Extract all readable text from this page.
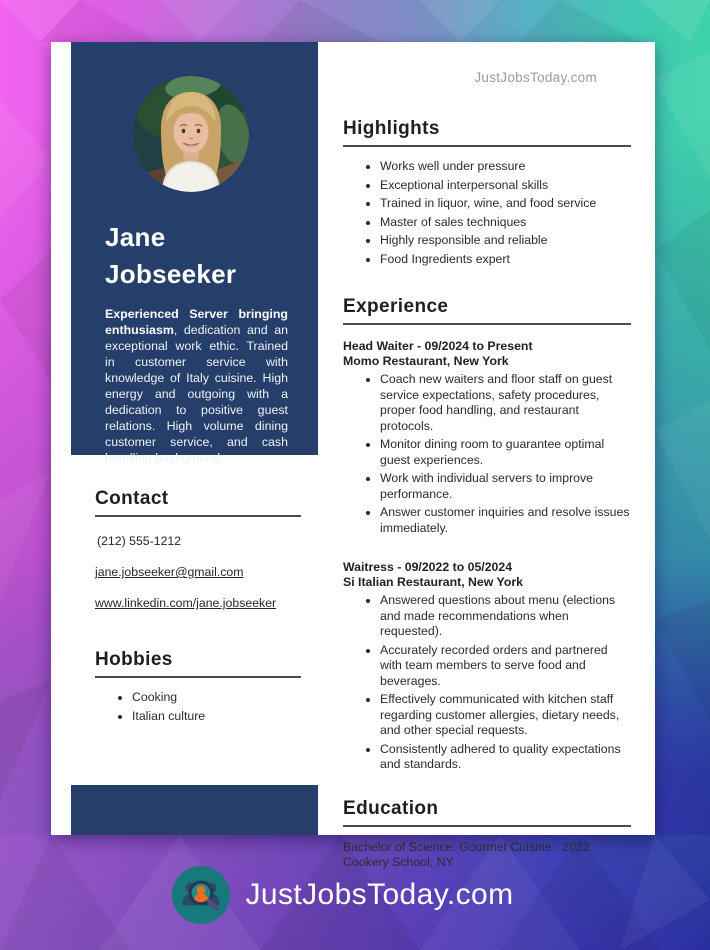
Jane
Jobseeker

Experienced Server bringing enthusiasm, dedication and an exceptional work ethic. Trained in customer service with knowledge of Italy cuisine. High energy and outgoing with a dedication to positive guest relations. High volume dining customer service, and cash handling background.

Contact
(212) 555-1212
jane.jobseeker@gmail.com
www.linkedin.com/jane.jobseeker
Hobbies
• Cooking
• Italian culture
JustJobsToday.com
Highlights
• Works well under pressure
• Exceptional interpersonal skills
• Trained in liquor, wine, and food service
• Master of sales techniques
• Highly responsible and reliable
• Food Ingredients expert
Experience

Head Waiter - 09/2024 to Present

Momo Restaurant, New York

• Coach new waiters and floor staff on guest service expectations, safety procedures, proper food handling, and restaurant protocols.
• Monitor dining room to guarantee optimal guest experiences.
• Work with individual servers to improve performance.
• Answer customer inquiries and resolve issues immediately.

Waitress - 09/2022 to 05/2024

Si Italian Restaurant, New York

• Answered questions about menu (elections and made recommendations when requested).
• Accurately recorded orders and partnered with team members to serve food and beverages.
• Effectively communicated with kitchen staff regarding customer allergies, dietary needs, and other special requests.
• Consistently adhered to quality expectations and standards.
Education

Bachelor of Science: Gourmet Cuisine - 2022

Cookery School, NY

JustJobsToday.com
